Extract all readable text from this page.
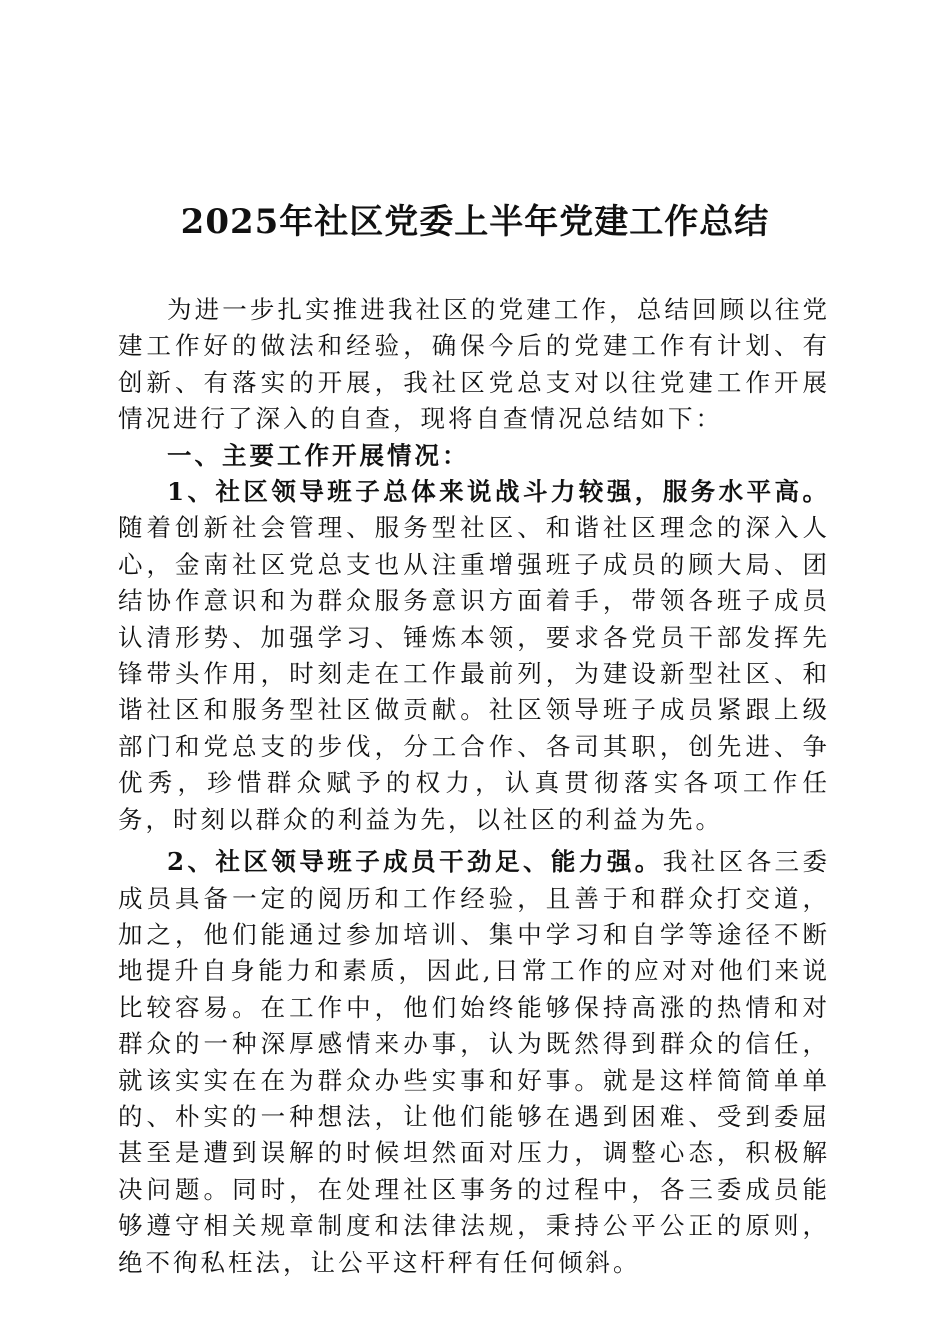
2025年社区党委上半年党建工作总结

为进一步扎实推进我社区的党建工作，总结回顾以往党建工作好的做法和经验，确保今后的党建工作有计划、有创新、有落实的开展，我社区党总支对以往党建工作开展情况进行了深入的自查，现将自查情况总结如下：

一、主要工作开展情况：

1、社区领导班子总体来说战斗力较强，服务水平高。随着创新社会管理、服务型社区、和谐社区理念的深入人心，金南社区党总支也从注重增强班子成员的顾大局、团结协作意识和为群众服务意识方面着手，带领各班子成员认清形势、加强学习、锤炼本领，要求各党员干部发挥先锋带头作用，时刻走在工作最前列，为建设新型社区、和谐社区和服务型社区做贡献。社区领导班子成员紧跟上级部门和党总支的步伐，分工合作、各司其职，创先进、争优秀，珍惜群众赋予的权力，认真贯彻落实各项工作任务，时刻以群众的利益为先，以社区的利益为先。

2、社区领导班子成员干劲足、能力强。我社区各三委成员具备一定的阅历和工作经验，且善于和群众打交道，加之，他们能通过参加培训、集中学习和自学等途径不断地提升自身能力和素质，因此,日常工作的应对对他们来说比较容易。在工作中，他们始终能够保持高涨的热情和对群众的一种深厚感情来办事，认为既然得到群众的信任，就该实实在在为群众办些实事和好事。就是这样简简单单的、朴实的一种想法，让他们能够在遇到困难、受到委屈甚至是遭到误解的时候坦然面对压力，调整心态，积极解决问题。同时，在处理社区事务的过程中，各三委成员能够遵守相关规章制度和法律法规，秉持公平公正的原则，绝不徇私枉法，让公平这杆秤有任何倾斜。
